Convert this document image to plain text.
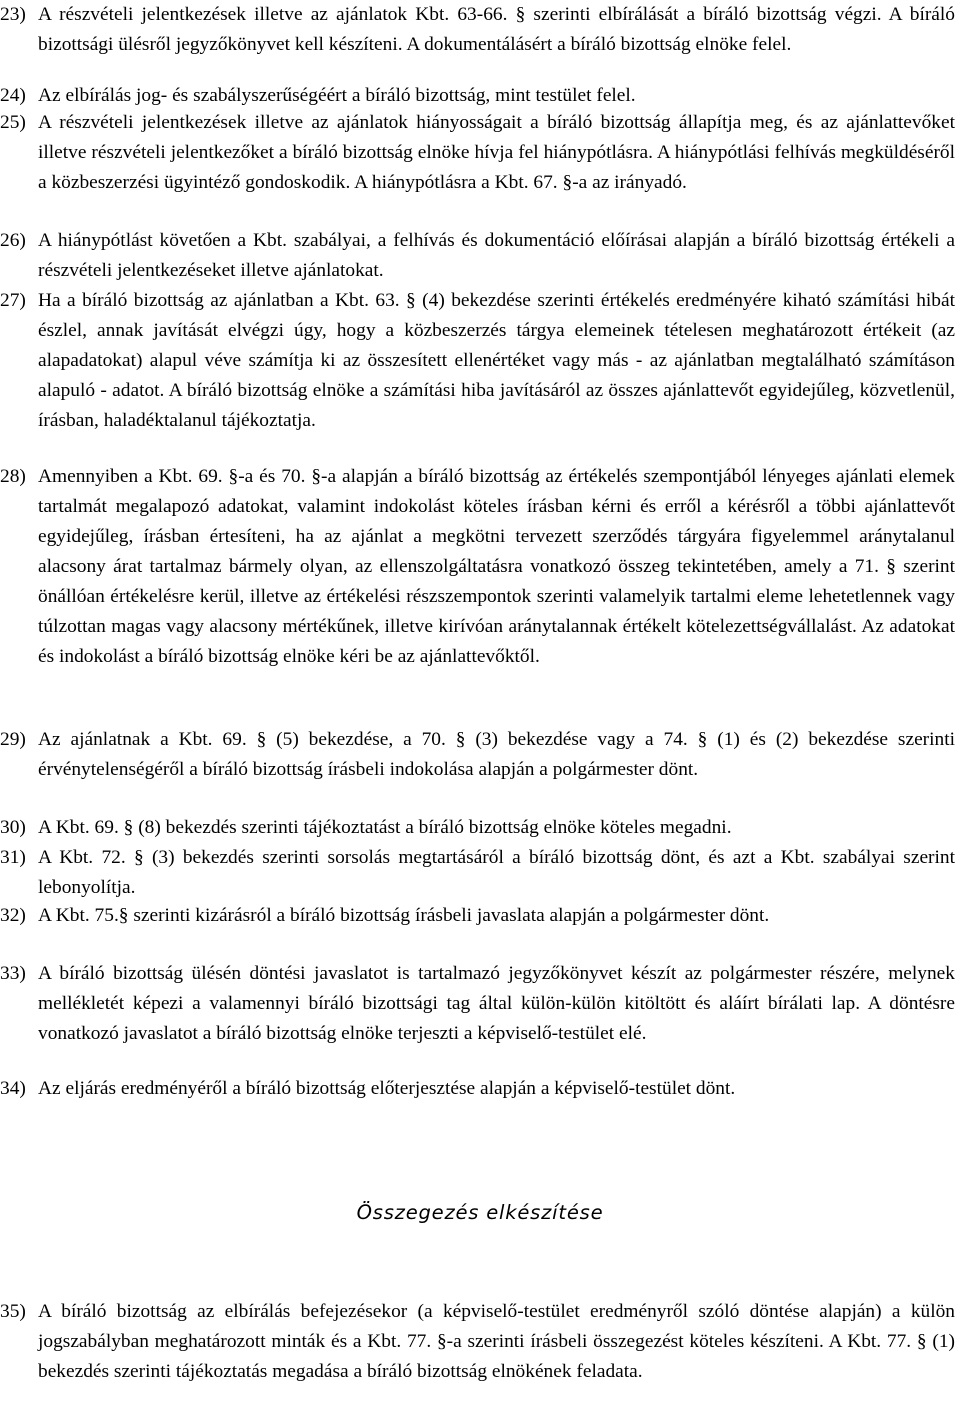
23) A részvételi jelentkezések illetve az ajánlatok Kbt. 63-66. § szerinti elbírálását a bíráló bizottság végzi. A bíráló bizottsági ülésről jegyzőkönyvet kell készíteni. A dokumentálásért a bíráló bizottság elnöke felel.
24) Az elbírálás jog- és szabályszerűségéért a bíráló bizottság, mint testület felel.
25) A részvételi jelentkezések illetve az ajánlatok hiányosságait a bíráló bizottság állapítja meg, és az ajánlattevőket illetve részvételi jelentkezőket a bíráló bizottság elnöke hívja fel hiánypótlásra. A hiánypótlási felhívás megküldéséről a közbeszerzési ügyintéző gondoskodik. A hiánypótlásra a Kbt. 67. §-a az irányadó.
26) A hiánypótlást követően a Kbt. szabályai, a felhívás és dokumentáció előírásai alapján a bíráló bizottság értékeli a részvételi jelentkezéseket illetve ajánlatokat.
27) Ha a bíráló bizottság az ajánlatban a Kbt. 63. § (4) bekezdése szerinti értékelés eredményére kiható számítási hibát észlel, annak javítását elvégzi úgy, hogy a közbeszerzés tárgya elemeinek tételesen meghatározott értékeit (az alapadatokat) alapul véve számítja ki az összesített ellenértéket vagy más - az ajánlatban megtalálható számításon alapuló - adatot. A bíráló bizottság elnöke a számítási hiba javításáról az összes ajánlattevőt egyidejűleg, közvetlenül, írásban, haladéktalanul tájékoztatja.
28) Amennyiben a Kbt. 69. §-a és 70. §-a alapján a bíráló bizottság az értékelés szempontjából lényeges ajánlati elemek tartalmát megalapozó adatokat, valamint indokolást köteles írásban kérni és erről a kérésről a többi ajánlattevőt egyidejűleg, írásban értesíteni, ha az ajánlat a megkötni tervezett szerződés tárgyára figyelemmel aránytalanul alacsony árat tartalmaz bármely olyan, az ellenszolgáltatásra vonatkozó összeg tekintetében, amely a 71. § szerint önállóan értékelésre kerül, illetve az értékelési részszempontok szerinti valamelyik tartalmi eleme lehetetlennek vagy túlzottan magas vagy alacsony mértékűnek, illetve kirívóan aránytalannak értékelt kötelezettségvállalást. Az adatokat és indokolást a bíráló bizottság elnöke kéri be az ajánlattevőktől.
29) Az ajánlatnak a Kbt. 69. § (5) bekezdése, a 70. § (3) bekezdése vagy a 74. § (1) és (2) bekezdése szerinti érvénytelenségéről a bíráló bizottság írásbeli indokolása alapján a polgármester dönt.
30) A Kbt. 69. § (8) bekezdés szerinti tájékoztatást a bíráló bizottság elnöke köteles megadni.
31) A Kbt. 72. § (3) bekezdés szerinti sorsolás megtartásáról a bíráló bizottság dönt, és azt a Kbt. szabályai szerint lebonyolítja.
32) A Kbt. 75.§ szerinti kizárásról a bíráló bizottság írásbeli javaslata alapján a polgármester dönt.
33) A bíráló bizottság ülésén döntési javaslatot is tartalmazó jegyzőkönyvet készít az polgármester részére, melynek mellékletét képezi a valamennyi bíráló bizottsági tag által külön-külön kitöltött és aláírt bírálati lap. A döntésre vonatkozó javaslatot a bíráló bizottság elnöke terjeszti a képviselő-testület elé.
34) Az eljárás eredményéről a bíráló bizottság előterjesztése alapján a képviselő-testület dönt.
Összegezés elkészítése
35) A bíráló bizottság az elbírálás befejezésekor (a képviselő-testület eredményről szóló döntése alapján) a külön jogszabályban meghatározott minták és a Kbt. 77. §-a szerinti írásbeli összegezést köteles készíteni. A Kbt. 77. § (1) bekezdés szerinti tájékoztatás megadása a bíráló bizottság elnökének feladata.
